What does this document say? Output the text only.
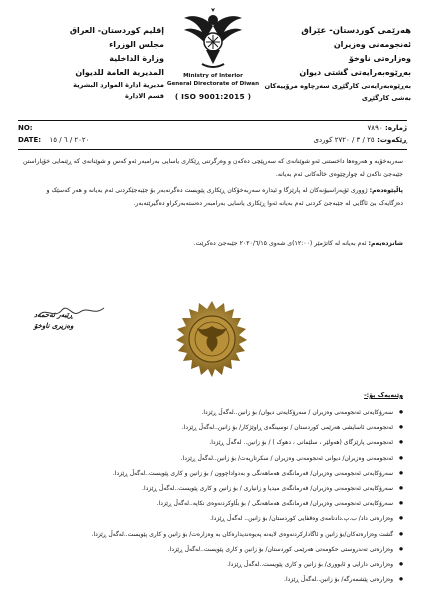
هەرێمی کوردستان- عێراق
ئەنجومەنی وەزیران
وەزارەتی ناوخۆ
بەڕێوەبەرایەتی گشتی دیوان
بەڕێوەبەرایەتی کارگێڕی سەرچاوە مرۆییەکان
بەشی کارگێڕی
Ministry of Interior
General Directorate of Diwan
( ISO 9001:2015 )
إقليم كوردستان- العراق
مجلس الوزراء
وزارة الداخلية
المديرية العامة للديوان
مديرية ادارة الموارد البشرية
قسم الادارة
NO:	ژمارە: ٧٨٩٠
DATE: ٢٠٢٠ / ٦ / ١٥	ڕێکەوت: ٢٥ / ٣ / ٢٧٢٠ کوردی
سەربەخۆیە و هەروەها داخستنی ئەو شوێنانەی کە سەرپێچی دەکەن و وەرگرتنی ڕێکاری یاسایی بەرامبەر ئەو کەس و شوێنانەی کە ڕێنمایی خۆپاراستن جێبەجێ ناکەن لە چوارچێوەی خاڵەکانی ئەم بەیانە.
پاڵپێوەدەم: ژووری ئۆپەراسیۆنەکان لە پارێزگا و ئیدارە سەربەخۆکان ڕێکاری پێویست دەگرنەبەر بۆ جێبەجێکردنی ئەم بەیانە و هەر کەسێک و دەزگایەک بێ ئاگایی لە جێبەجێ کردنی ئەم بەیانە ئەوا ڕێکاری یاسایی بەرامبەر دەستەبەرکراو دەگیرێتەبەر.
شانزدەیەم: ئەم بەیانە لە کاتژمێر (١٢:٠٠)ی شەوی ٢٠٢٠/٦/١٥ جێبەجێ دەکرێت.
ڕێبەر ئەحمەد
وەزیری ناوخۆ
وێنەیەک بۆ:-
● سەرۆکایەتی ئەنجومەنی وەزیران / سەرۆکایەتی دیوان/ بۆ زانین..لەگەڵ ڕێزدا.
● ئەنجومەنی ئاسایشی هەرێمی کوردستان / نوسینگەی ڕاوێژکار/ بۆ زانین..لەگەڵ ڕێزدا.
● ئەنجومەنی پارێزگای (هەولێر ، سلێمانی ، دهوک ) / بۆ زانین.. لەگەڵ ڕێزدا.
● ئەنجومەنی وەزیران/ دیوانی ئەنجومەنی وەزیران / سکرتاریەت/ بۆ زانین..لەگەڵ ڕێزدا.
● سەرۆکایەتی ئەنجومەنی وەزیران/ فەرمانگەی هەماهەنگی و بەدواداچوون / بۆ زانین و کاری پێویست..لەگەڵ ڕێزدا.
● سەرۆکایەتی ئەنجومەنی وەزیران/ فەرمانگەی میدیا و زانیاری / بۆ زانین و کاری پێویست..لەگەڵ ڕێزدا.
● سەرۆکایەتی ئەنجومەنی وەزیران/ فەرمانگەی هەماهەنگی / بۆ بڵاوکردنەوەی نکاپه..لەگەڵ ڕێزدا.
● وەزارەتی داد/ ب.پ.دادنامەی وەقفایی کوردستان/ بۆ زانین.. لەگەڵ ڕێزدا.
● گشت وەزارەتەکان/بۆ زانین و ئاگادارکردنەوەی لایەنە پەیوەندیدارەکان بە وەزارەت/ بۆ زانین و کاری پێویست..لەگەڵ ڕێزدا.
● وەزارەتی تەندروستی حکومەتی هەرێمی کوردستان/ بۆ زانین و کاری پێویست..لەگەڵ ڕێزدا.
● وەزارەتی دارایی و ئابووری/ بۆ زانین و کاری پێویست..لەگەڵ ڕێزدا.
● وەزارەتی پێشمەرگە/ بۆ زانین..لەگەڵ ڕێزدا.
